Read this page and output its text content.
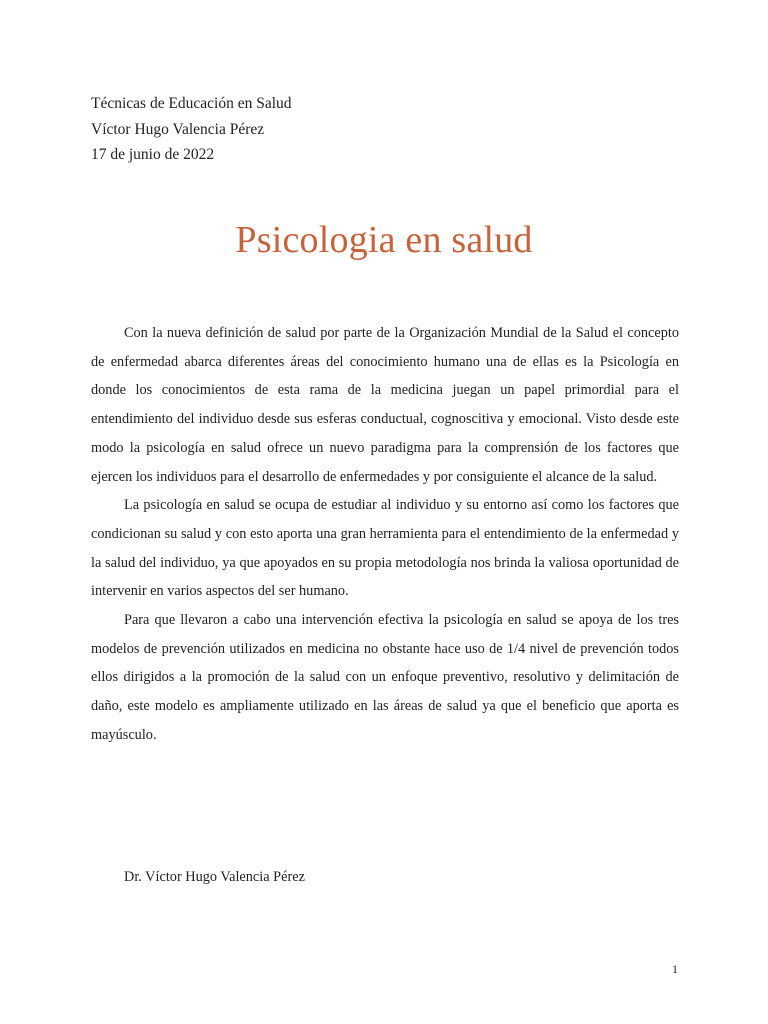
Técnicas de Educación en Salud
Víctor Hugo Valencia Pérez
17 de junio de 2022
Psicologia en salud

Con la nueva definición de salud por parte de la Organización Mundial de la Salud el concepto de enfermedad abarca diferentes áreas del conocimiento humano una de ellas es la Psicología en donde los conocimientos de esta rama de la medicina juegan un papel primordial para el entendimiento del individuo desde sus esferas conductual, cognoscitiva y emocional. Visto desde este modo la psicología en salud ofrece un nuevo paradigma para la comprensión de los factores que ejercen los individuos para el desarrollo de enfermedades y por consiguiente el alcance de la salud.

La psicología en salud se ocupa de estudiar al individuo y su entorno así como los factores que condicionan su salud y con esto aporta una gran herramienta para el entendimiento de la enfermedad y la salud del individuo, ya que apoyados en su propia metodología nos brinda la valiosa oportunidad de intervenir en varios aspectos del ser humano.

Para que llevaron a cabo una intervención efectiva la psicología en salud se apoya de los tres modelos de prevención utilizados en medicina no obstante hace uso de 1/4 nivel de prevención todos ellos dirigidos a la promoción de la salud con un enfoque preventivo, resolutivo y delimitación de daño, este modelo es ampliamente utilizado en las áreas de salud ya que el beneficio que aporta es mayúsculo.

Dr. Víctor Hugo Valencia Pérez
1
